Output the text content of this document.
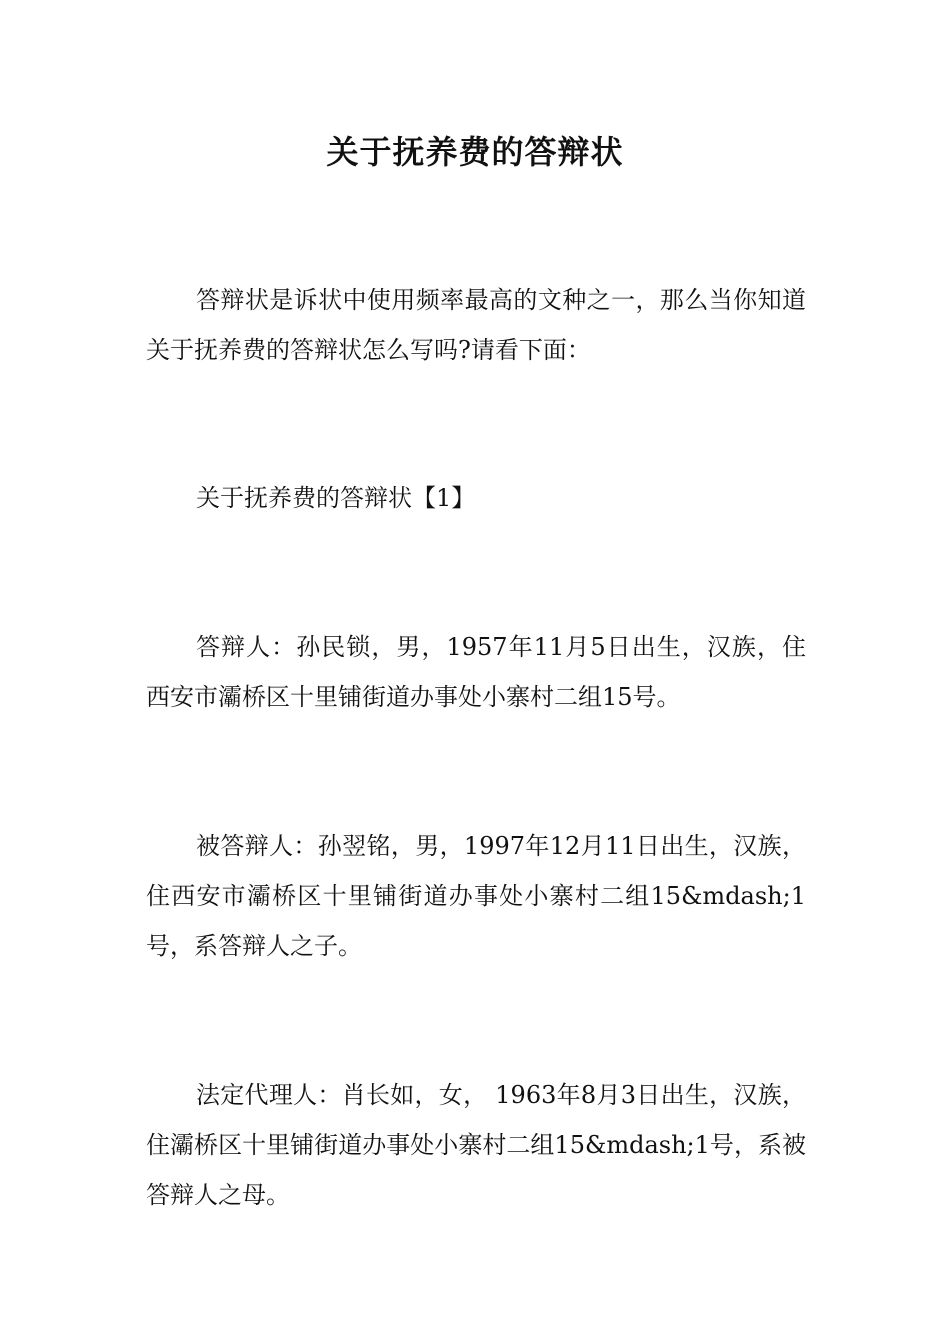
关于抚养费的答辩状

答辩状是诉状中使用频率最高的文种之一，那么当你知道关于抚养费的答辩状怎么写吗?请看下面：

关于抚养费的答辩状【1】

答辩人：孙民锁，男，1957年11月5日出生，汉族，住西安市灞桥区十里铺街道办事处小寨村二组15号。

被答辩人：孙翌铭，男，1997年12月11日出生，汉族，住西安市灞桥区十里铺街道办事处小寨村二组15&mdash;1号，系答辩人之子。

法定代理人：肖长如，女， 1963年8月3日出生，汉族，住灞桥区十里铺街道办事处小寨村二组15&mdash;1号，系被答辩人之母。
